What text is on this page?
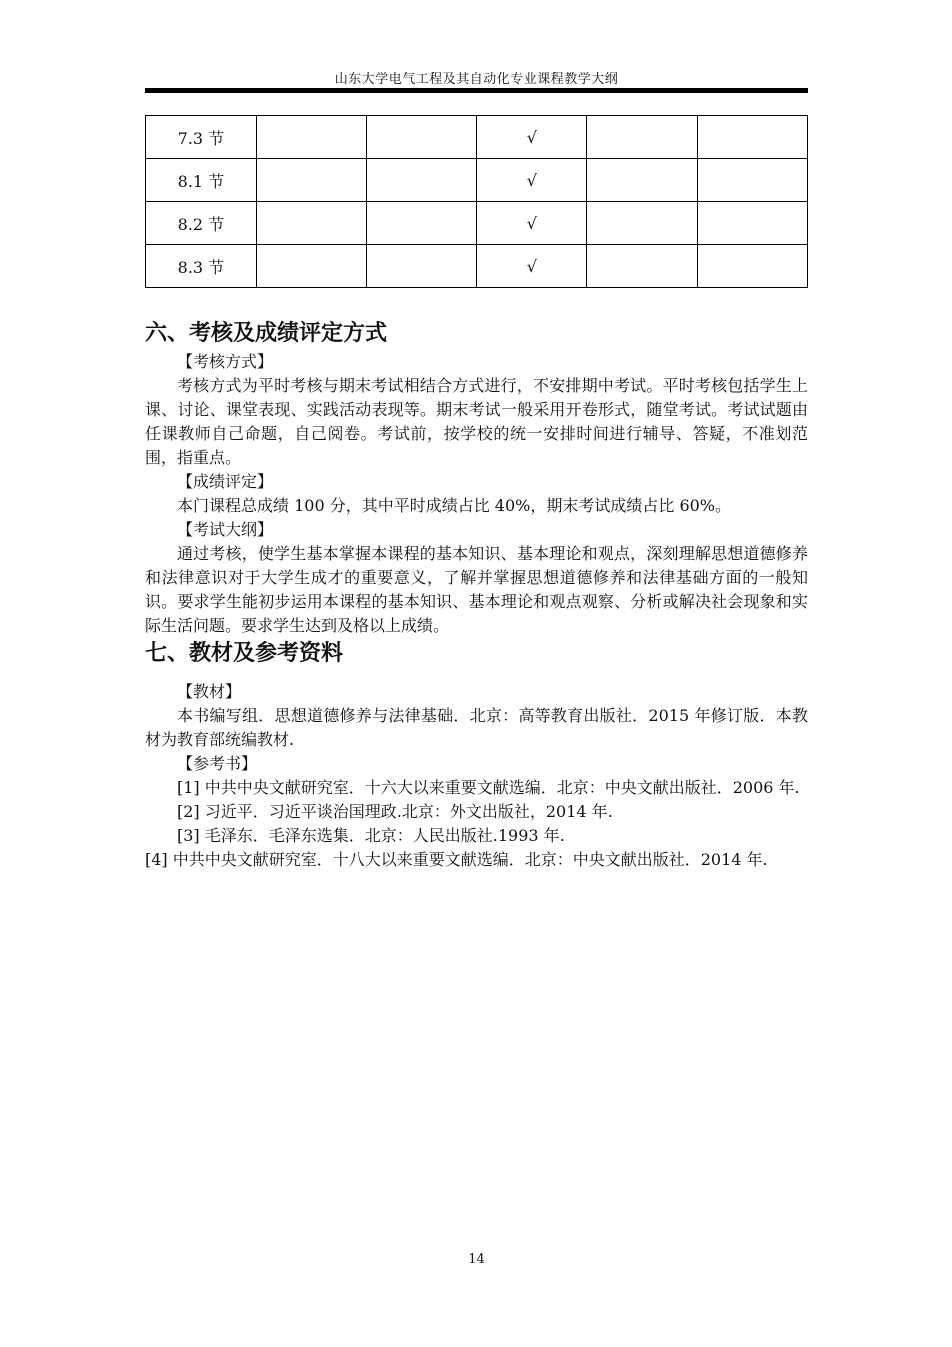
山东大学电气工程及其自动化专业课程教学大纲
7.3 节			√		
8.1 节			√		
8.2 节			√		
8.3 节			√		
六、考核及成绩评定方式

【考核方式】

考核方式为平时考核与期末考试相结合方式进行，不安排期中考试。平时考核包括学生上课、讨论、课堂表现、实践活动表现等。期末考试一般采用开卷形式，随堂考试。考试试题由任课教师自己命题，自己阅卷。考试前，按学校的统一安排时间进行辅导、答疑，不准划范围，指重点。

【成绩评定】

本门课程总成绩 100 分，其中平时成绩占比 40%，期末考试成绩占比 60%。

【考试大纲】

通过考核，使学生基本掌握本课程的基本知识、基本理论和观点，深刻理解思想道德修养和法律意识对于大学生成才的重要意义，了解并掌握思想道德修养和法律基础方面的一般知识。要求学生能初步运用本课程的基本知识、基本理论和观点观察、分析或解决社会现象和实际生活问题。要求学生达到及格以上成绩。

七、教材及参考资料

【教材】

本书编写组．思想道德修养与法律基础．北京：高等教育出版社．2015 年修订版．本教材为教育部统编教材.

【参考书】

[1] 中共中央文献研究室．十六大以来重要文献选编．北京：中央文献出版社．2006 年.

[2] 习近平．习近平谈治国理政.北京：外文出版社，2014 年.

[3] 毛泽东．毛泽东选集．北京：人民出版社.1993 年.

[4] 中共中央文献研究室．十八大以来重要文献选编．北京：中央文献出版社．2014 年.

14
